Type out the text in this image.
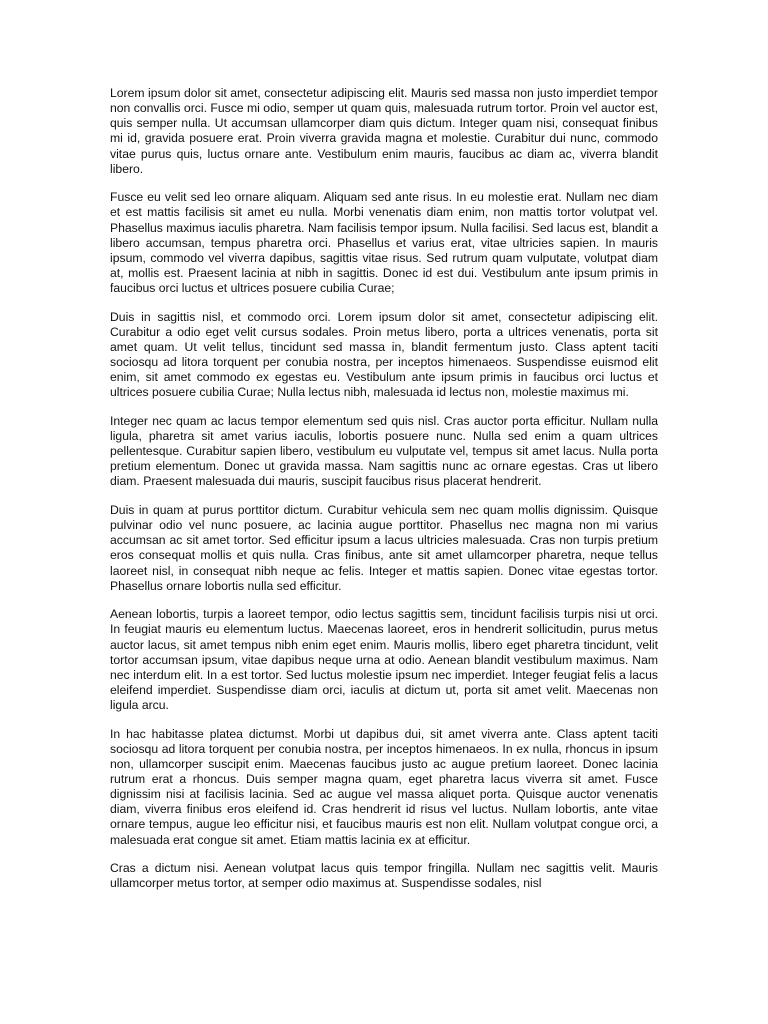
Lorem ipsum dolor sit amet, consectetur adipiscing elit. Mauris sed massa non justo imperdiet tempor non convallis orci. Fusce mi odio, semper ut quam quis, malesuada rutrum tortor. Proin vel auctor est, quis semper nulla. Ut accumsan ullamcorper diam quis dictum. Integer quam nisi, consequat finibus mi id, gravida posuere erat. Proin viverra gravida magna et molestie. Curabitur dui nunc, commodo vitae purus quis, luctus ornare ante. Vestibulum enim mauris, faucibus ac diam ac, viverra blandit libero.

Fusce eu velit sed leo ornare aliquam. Aliquam sed ante risus. In eu molestie erat. Nullam nec diam et est mattis facilisis sit amet eu nulla. Morbi venenatis diam enim, non mattis tortor volutpat vel. Phasellus maximus iaculis pharetra. Nam facilisis tempor ipsum. Nulla facilisi. Sed lacus est, blandit a libero accumsan, tempus pharetra orci. Phasellus et varius erat, vitae ultricies sapien. In mauris ipsum, commodo vel viverra dapibus, sagittis vitae risus. Sed rutrum quam vulputate, volutpat diam at, mollis est. Praesent lacinia at nibh in sagittis. Donec id est dui. Vestibulum ante ipsum primis in faucibus orci luctus et ultrices posuere cubilia Curae;

Duis in sagittis nisl, et commodo orci. Lorem ipsum dolor sit amet, consectetur adipiscing elit. Curabitur a odio eget velit cursus sodales. Proin metus libero, porta a ultrices venenatis, porta sit amet quam. Ut velit tellus, tincidunt sed massa in, blandit fermentum justo. Class aptent taciti sociosqu ad litora torquent per conubia nostra, per inceptos himenaeos. Suspendisse euismod elit enim, sit amet commodo ex egestas eu. Vestibulum ante ipsum primis in faucibus orci luctus et ultrices posuere cubilia Curae; Nulla lectus nibh, malesuada id lectus non, molestie maximus mi.

Integer nec quam ac lacus tempor elementum sed quis nisl. Cras auctor porta efficitur. Nullam nulla ligula, pharetra sit amet varius iaculis, lobortis posuere nunc. Nulla sed enim a quam ultrices pellentesque. Curabitur sapien libero, vestibulum eu vulputate vel, tempus sit amet lacus. Nulla porta pretium elementum. Donec ut gravida massa. Nam sagittis nunc ac ornare egestas. Cras ut libero diam. Praesent malesuada dui mauris, suscipit faucibus risus placerat hendrerit.

Duis in quam at purus porttitor dictum. Curabitur vehicula sem nec quam mollis dignissim. Quisque pulvinar odio vel nunc posuere, ac lacinia augue porttitor. Phasellus nec magna non mi varius accumsan ac sit amet tortor. Sed efficitur ipsum a lacus ultricies malesuada. Cras non turpis pretium eros consequat mollis et quis nulla. Cras finibus, ante sit amet ullamcorper pharetra, neque tellus laoreet nisl, in consequat nibh neque ac felis. Integer et mattis sapien. Donec vitae egestas tortor. Phasellus ornare lobortis nulla sed efficitur.

Aenean lobortis, turpis a laoreet tempor, odio lectus sagittis sem, tincidunt facilisis turpis nisi ut orci. In feugiat mauris eu elementum luctus. Maecenas laoreet, eros in hendrerit sollicitudin, purus metus auctor lacus, sit amet tempus nibh enim eget enim. Mauris mollis, libero eget pharetra tincidunt, velit tortor accumsan ipsum, vitae dapibus neque urna at odio. Aenean blandit vestibulum maximus. Nam nec interdum elit. In a est tortor. Sed luctus molestie ipsum nec imperdiet. Integer feugiat felis a lacus eleifend imperdiet. Suspendisse diam orci, iaculis at dictum ut, porta sit amet velit. Maecenas non ligula arcu.

In hac habitasse platea dictumst. Morbi ut dapibus dui, sit amet viverra ante. Class aptent taciti sociosqu ad litora torquent per conubia nostra, per inceptos himenaeos. In ex nulla, rhoncus in ipsum non, ullamcorper suscipit enim. Maecenas faucibus justo ac augue pretium laoreet. Donec lacinia rutrum erat a rhoncus. Duis semper magna quam, eget pharetra lacus viverra sit amet. Fusce dignissim nisi at facilisis lacinia. Sed ac augue vel massa aliquet porta. Quisque auctor venenatis diam, viverra finibus eros eleifend id. Cras hendrerit id risus vel luctus. Nullam lobortis, ante vitae ornare tempus, augue leo efficitur nisi, et faucibus mauris est non elit. Nullam volutpat congue orci, a malesuada erat congue sit amet. Etiam mattis lacinia ex at efficitur.

Cras a dictum nisi. Aenean volutpat lacus quis tempor fringilla. Nullam nec sagittis velit. Mauris ullamcorper metus tortor, at semper odio maximus at. Suspendisse sodales, nisl
